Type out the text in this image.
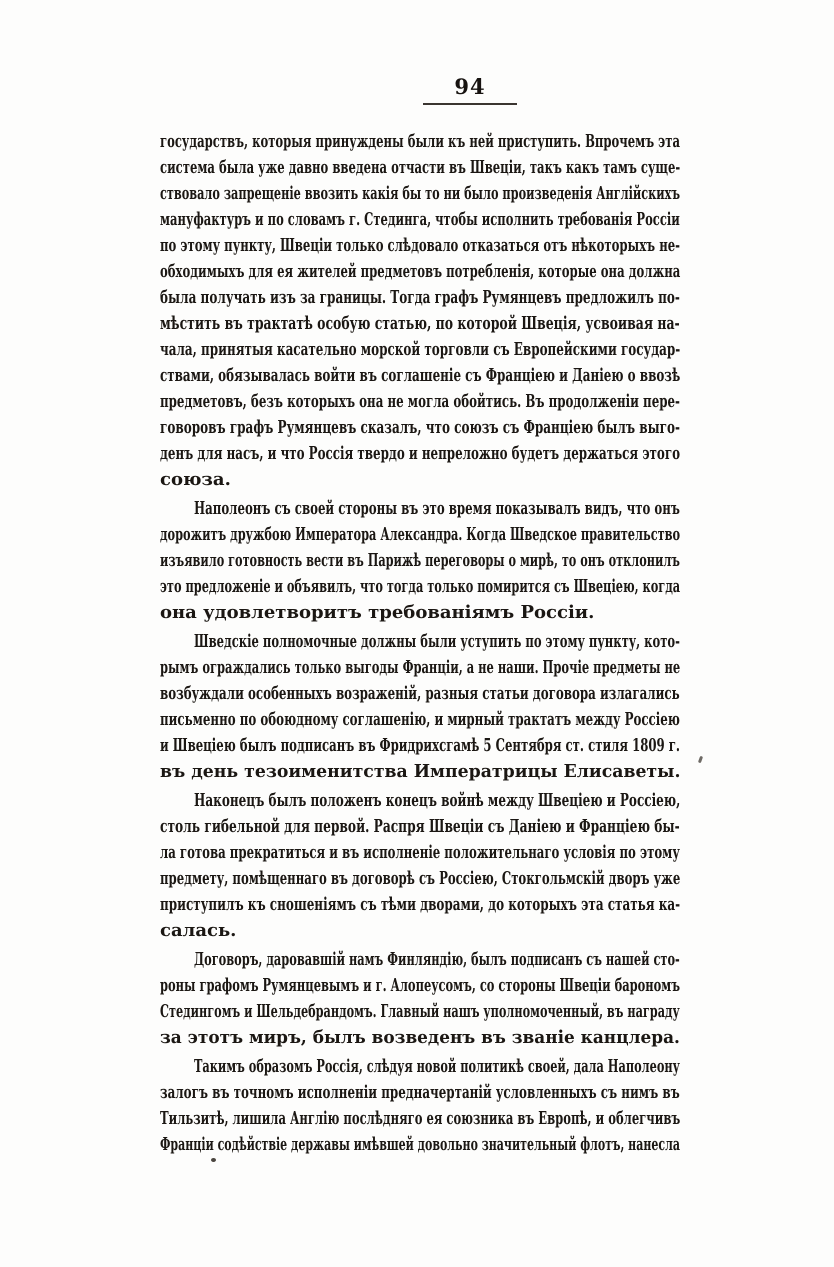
94
государствъ, которыя принуждены были къ ней приступить. Впрочемъ эта
система была уже давно введена отчасти въ Швеціи, такъ какъ тамъ суще-
ствовало запрещеніе ввозить какія бы то ни было произведенія Англійскихъ
мануфактуръ и по словамъ г. Стединга, чтобы исполнить требованія Россіи
по этому пункту, Швеціи только слѣдовало отказаться отъ нѣкоторыхъ не-
обходимыхъ для ея жителей предметовъ потребленія, которые она должна
была получать изъ за границы. Тогда графъ Румянцевъ предложилъ по-
мѣстить въ трактатѣ особую статью, по которой Швеція, усвоивая на-
чала, принятыя касательно морской торговли съ Европейскими государ-
ствами, обязывалась войти въ соглашеніе съ Франціею и Даніею о ввозѣ
предметовъ, безъ которыхъ она не могла обойтись. Въ продолженіи пере-
говоровъ графъ Румянцевъ сказалъ, что союзъ съ Франціею былъ выго-
денъ для насъ, и что Россія твердо и непреложно будетъ держаться этого
союза.
Наполеонъ съ своей стороны въ это время показывалъ видъ, что онъ
дорожитъ дружбою Императора Александра. Когда Шведское правительство
изъявило готовность вести въ Парижѣ переговоры о мирѣ, то онъ отклонилъ
это предложеніе и объявилъ, что тогда только помирится съ Швеціею, когда
она удовлетворитъ требованіямъ Россіи.
Шведскіе полномочные должны были уступить по этому пункту, кото-
рымъ ограждались только выгоды Франціи, а не наши. Прочіе предметы не
возбуждали особенныхъ возраженій, разныя статьи договора излагались
письменно по обоюдному соглашенію, и мирный трактатъ между Россіею
и Швеціею былъ подписанъ въ Фридрихсгамѣ 5 Сентября ст. стиля 1809 г.
въ день тезоименитства Императрицы Елисаветы.
Наконецъ былъ положенъ конецъ войнѣ между Швеціею и Россіею,
столь гибельной для первой. Распря Швеціи съ Даніею и Франціею бы-
ла готова прекратиться и въ исполненіе положительнаго условія по этому
предмету, помѣщеннаго въ договорѣ съ Россіею, Стокгольмскій дворъ уже
приступилъ къ сношеніямъ съ тѣми дворами, до которыхъ эта статья ка-
салась.
Договоръ, даровавшій намъ Финляндію, былъ подписанъ съ нашей сто-
роны графомъ Румянцевымъ и г. Алопеусомъ, со стороны Швеціи барономъ
Стедингомъ и Шельдебрандомъ. Главный нашъ уполномоченный, въ награду
за этотъ миръ, былъ возведенъ въ званіе канцлера.
Такимъ образомъ Россія, слѣдуя новой политикѣ своей, дала Наполеону
залогъ въ точномъ исполненіи предначертаній условленныхъ съ нимъ въ
Тильзитѣ, лишила Англію послѣдняго ея союзника въ Европѣ, и облегчивъ
Франціи содѣйствіе державы имѣвшей довольно значительный флотъ, нанесла
